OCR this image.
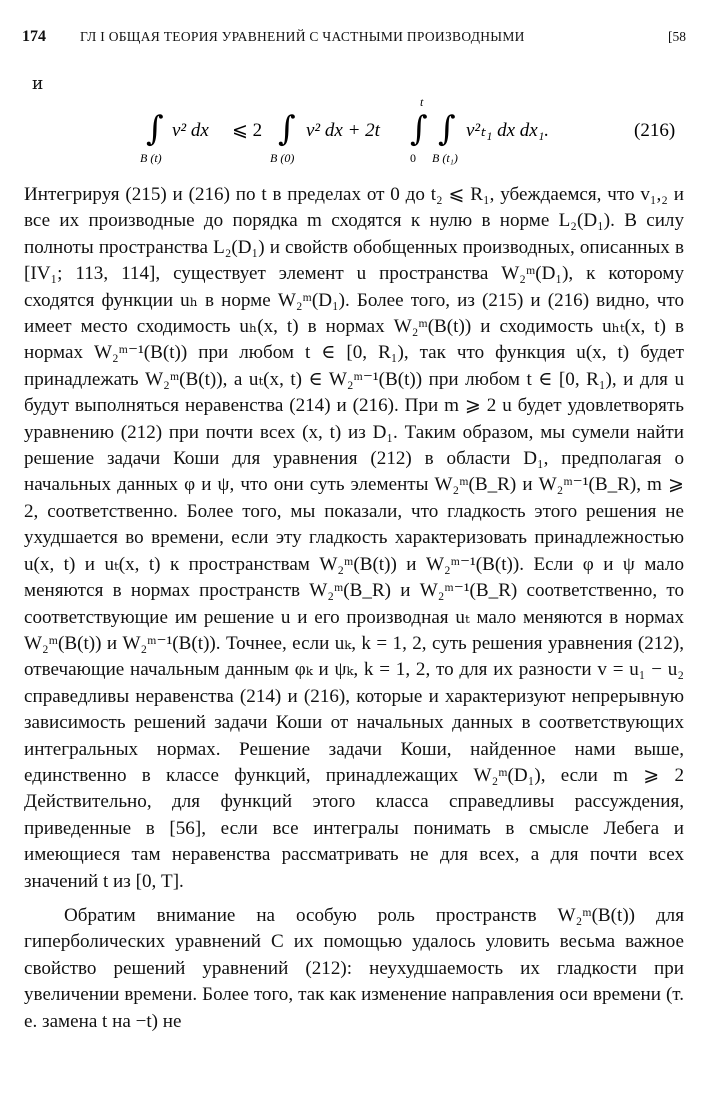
174	ГЛ I ОБЩАЯ ТЕОРИЯ УРАВНЕНИЙ С ЧАСТНЫМИ ПРОИЗВОДНЫМИ	[58
и
∫	∫	∫ ∫
v² dx
B (t)
⩽ 2 v² dx + 2t
B (0)
t
0 B (t₁)
v²ₜ₁ dx dx₁.	(216)

Интегрируя (215) и (216) по t в пределах от 0 до t₂ ⩽ R₁, убеждаемся, что v₁,₂ и все их производные до порядка m сходятся к нулю в норме L₂(D₁). В силу полноты пространства L₂(D₁) и свойств обобщенных производных, описанных в [IV₁; 113, 114], существует элемент u пространства W₂ᵐ(D₁), к которому сходятся функции uₕ в норме W₂ᵐ(D₁). Более того, из (215) и (216) видно, что имеет место сходимость uₕ(x, t) в нормах W₂ᵐ(B(t)) и сходимость uₕₜ(x, t) в нормах W₂ᵐ⁻¹(B(t)) при любом t ∈ [0, R₁), так что функция u(x, t) будет принадлежать W₂ᵐ(B(t)), а uₜ(x, t) ∈ W₂ᵐ⁻¹(B(t)) при любом t ∈ [0, R₁), и для u будут выполняться неравенства (214) и (216). При m ⩾ 2 u будет удовлетворять уравнению (212) при почти всех (x, t) из D₁. Таким образом, мы сумели найти решение задачи Коши для уравнения (212) в области D₁, предполагая о начальных данных φ и ψ, что они суть элементы W₂ᵐ(B_R) и W₂ᵐ⁻¹(B_R), m ⩾ 2, соответственно. Более того, мы показали, что гладкость этого решения не ухудшается во времени, если эту гладкость характеризовать принадлежностью u(x, t) и uₜ(x, t) к пространствам W₂ᵐ(B(t)) и W₂ᵐ⁻¹(B(t)). Если φ и ψ мало меняются в нормах пространств W₂ᵐ(B_R) и W₂ᵐ⁻¹(B_R) соответственно, то соответствующие им решение u и его производная uₜ мало меняются в нормах W₂ᵐ(B(t)) и W₂ᵐ⁻¹(B(t)). Точнее, если uₖ, k = 1, 2, суть решения уравнения (212), отвечающие начальным данным φₖ и ψₖ, k = 1, 2, то для их разности v = u₁ − u₂ справедливы неравенства (214) и (216), которые и характеризуют непрерывную зависимость решений задачи Коши от начальных данных в соответствующих интегральных нормах. Решение задачи Коши, найденное нами выше, единственно в классе функций, принадлежащих W₂ᵐ(D₁), если m ⩾ 2 Действительно, для функций этого класса справедливы рассуждения, приведенные в [56], если все интегралы понимать в смысле Лебега и имеющиеся там неравенства рассматривать не для всех, а для почти всех значений t из [0, T].

Обратим внимание на особую роль пространств W₂ᵐ(B(t)) для гиперболических уравнений С их помощью удалось уловить весьма важное свойство решений уравнений (212): неухудшаемость их гладкости при увеличении времени. Более того, так как изменение направления оси времени (т. е. замена t на −t) не
